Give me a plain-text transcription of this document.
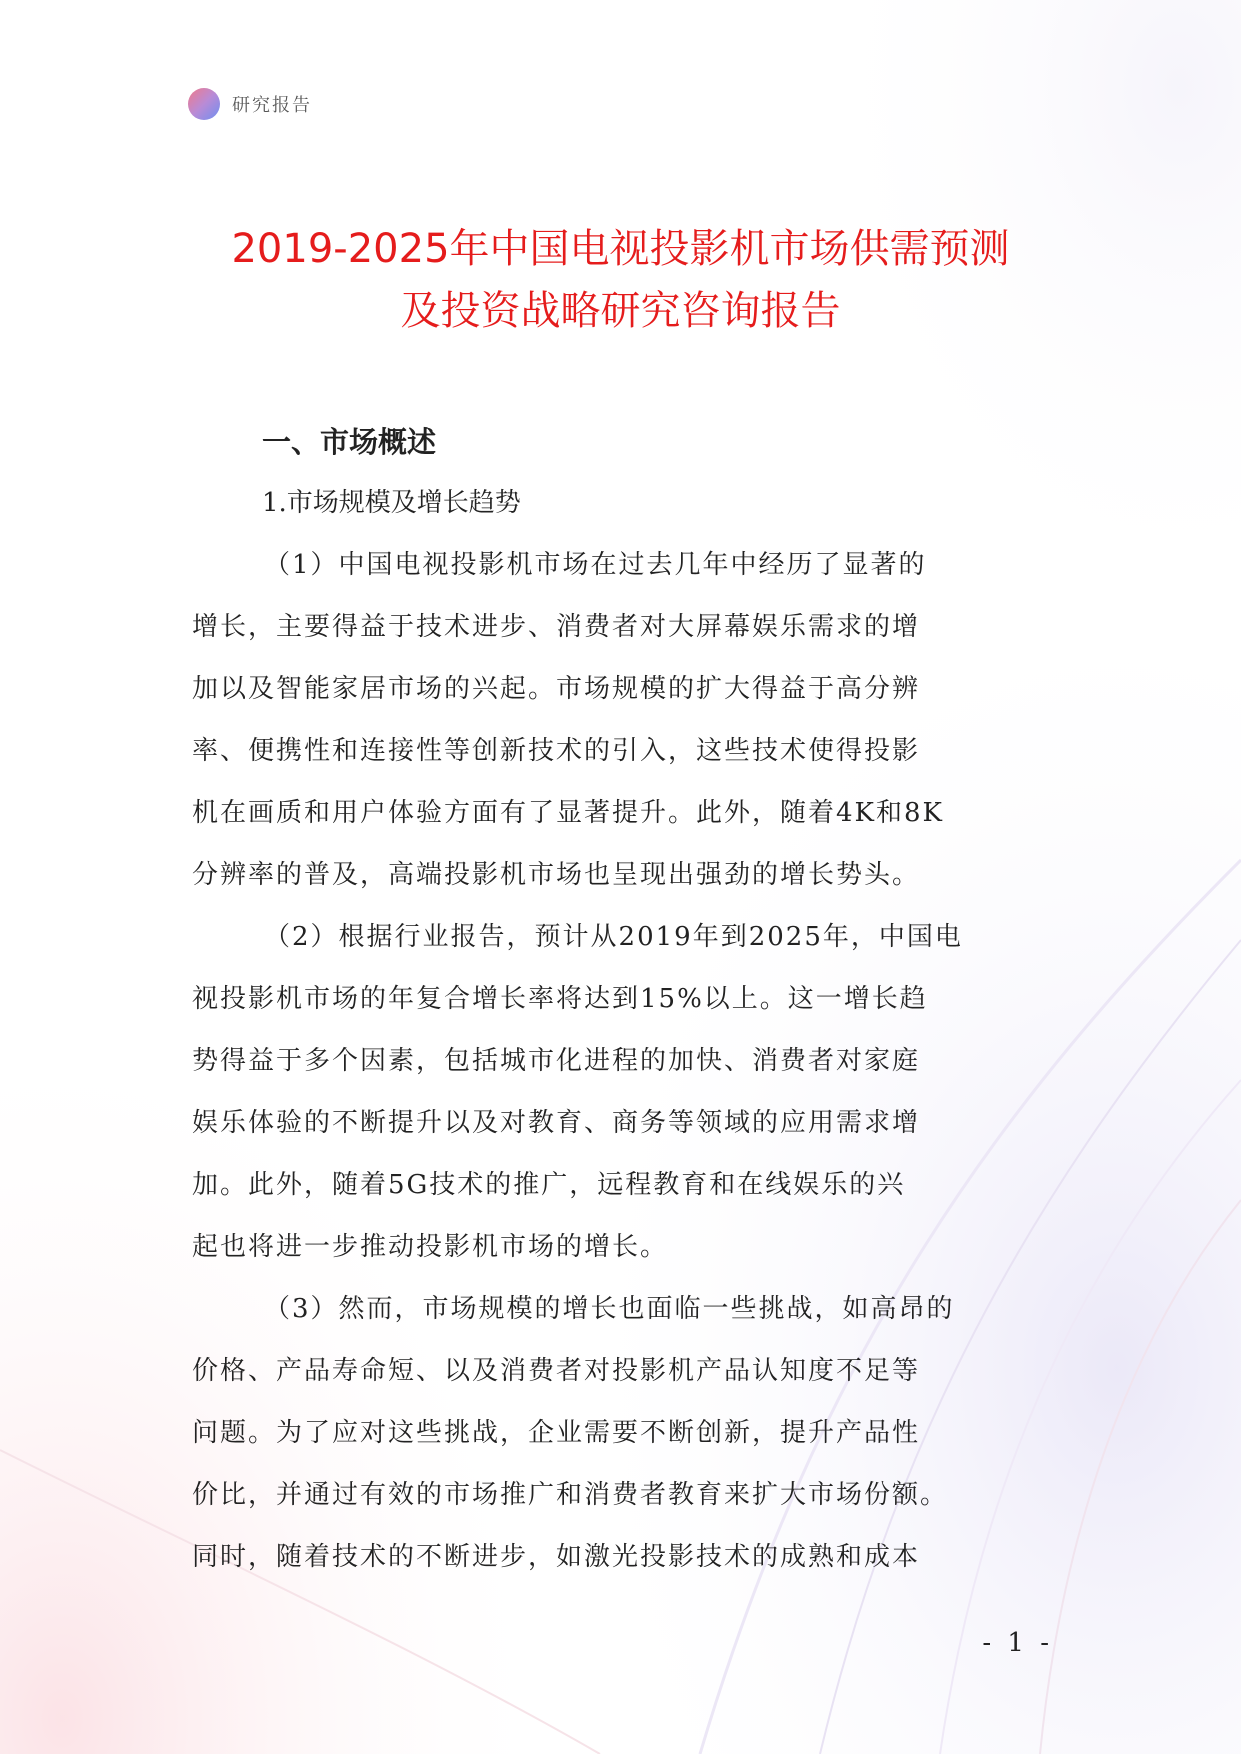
研究报告
2019-2025年中国电视投影机市场供需预测
及投资战略研究咨询报告
一、市场概述
1.市场规模及增长趋势
（1）中国电视投影机市场在过去几年中经历了显著的
增长，主要得益于技术进步、消费者对大屏幕娱乐需求的增
加以及智能家居市场的兴起。市场规模的扩大得益于高分辨
率、便携性和连接性等创新技术的引入，这些技术使得投影
机在画质和用户体验方面有了显著提升。此外，随着4K和8K
分辨率的普及，高端投影机市场也呈现出强劲的增长势头。
（2）根据行业报告，预计从2019年到2025年，中国电
视投影机市场的年复合增长率将达到15%以上。这一增长趋
势得益于多个因素，包括城市化进程的加快、消费者对家庭
娱乐体验的不断提升以及对教育、商务等领域的应用需求增
加。此外，随着5G技术的推广，远程教育和在线娱乐的兴
起也将进一步推动投影机市场的增长。
（3）然而，市场规模的增长也面临一些挑战，如高昂的
价格、产品寿命短、以及消费者对投影机产品认知度不足等
问题。为了应对这些挑战，企业需要不断创新，提升产品性
价比，并通过有效的市场推广和消费者教育来扩大市场份额。
同时，随着技术的不断进步，如激光投影技术的成熟和成本
- 1 -
